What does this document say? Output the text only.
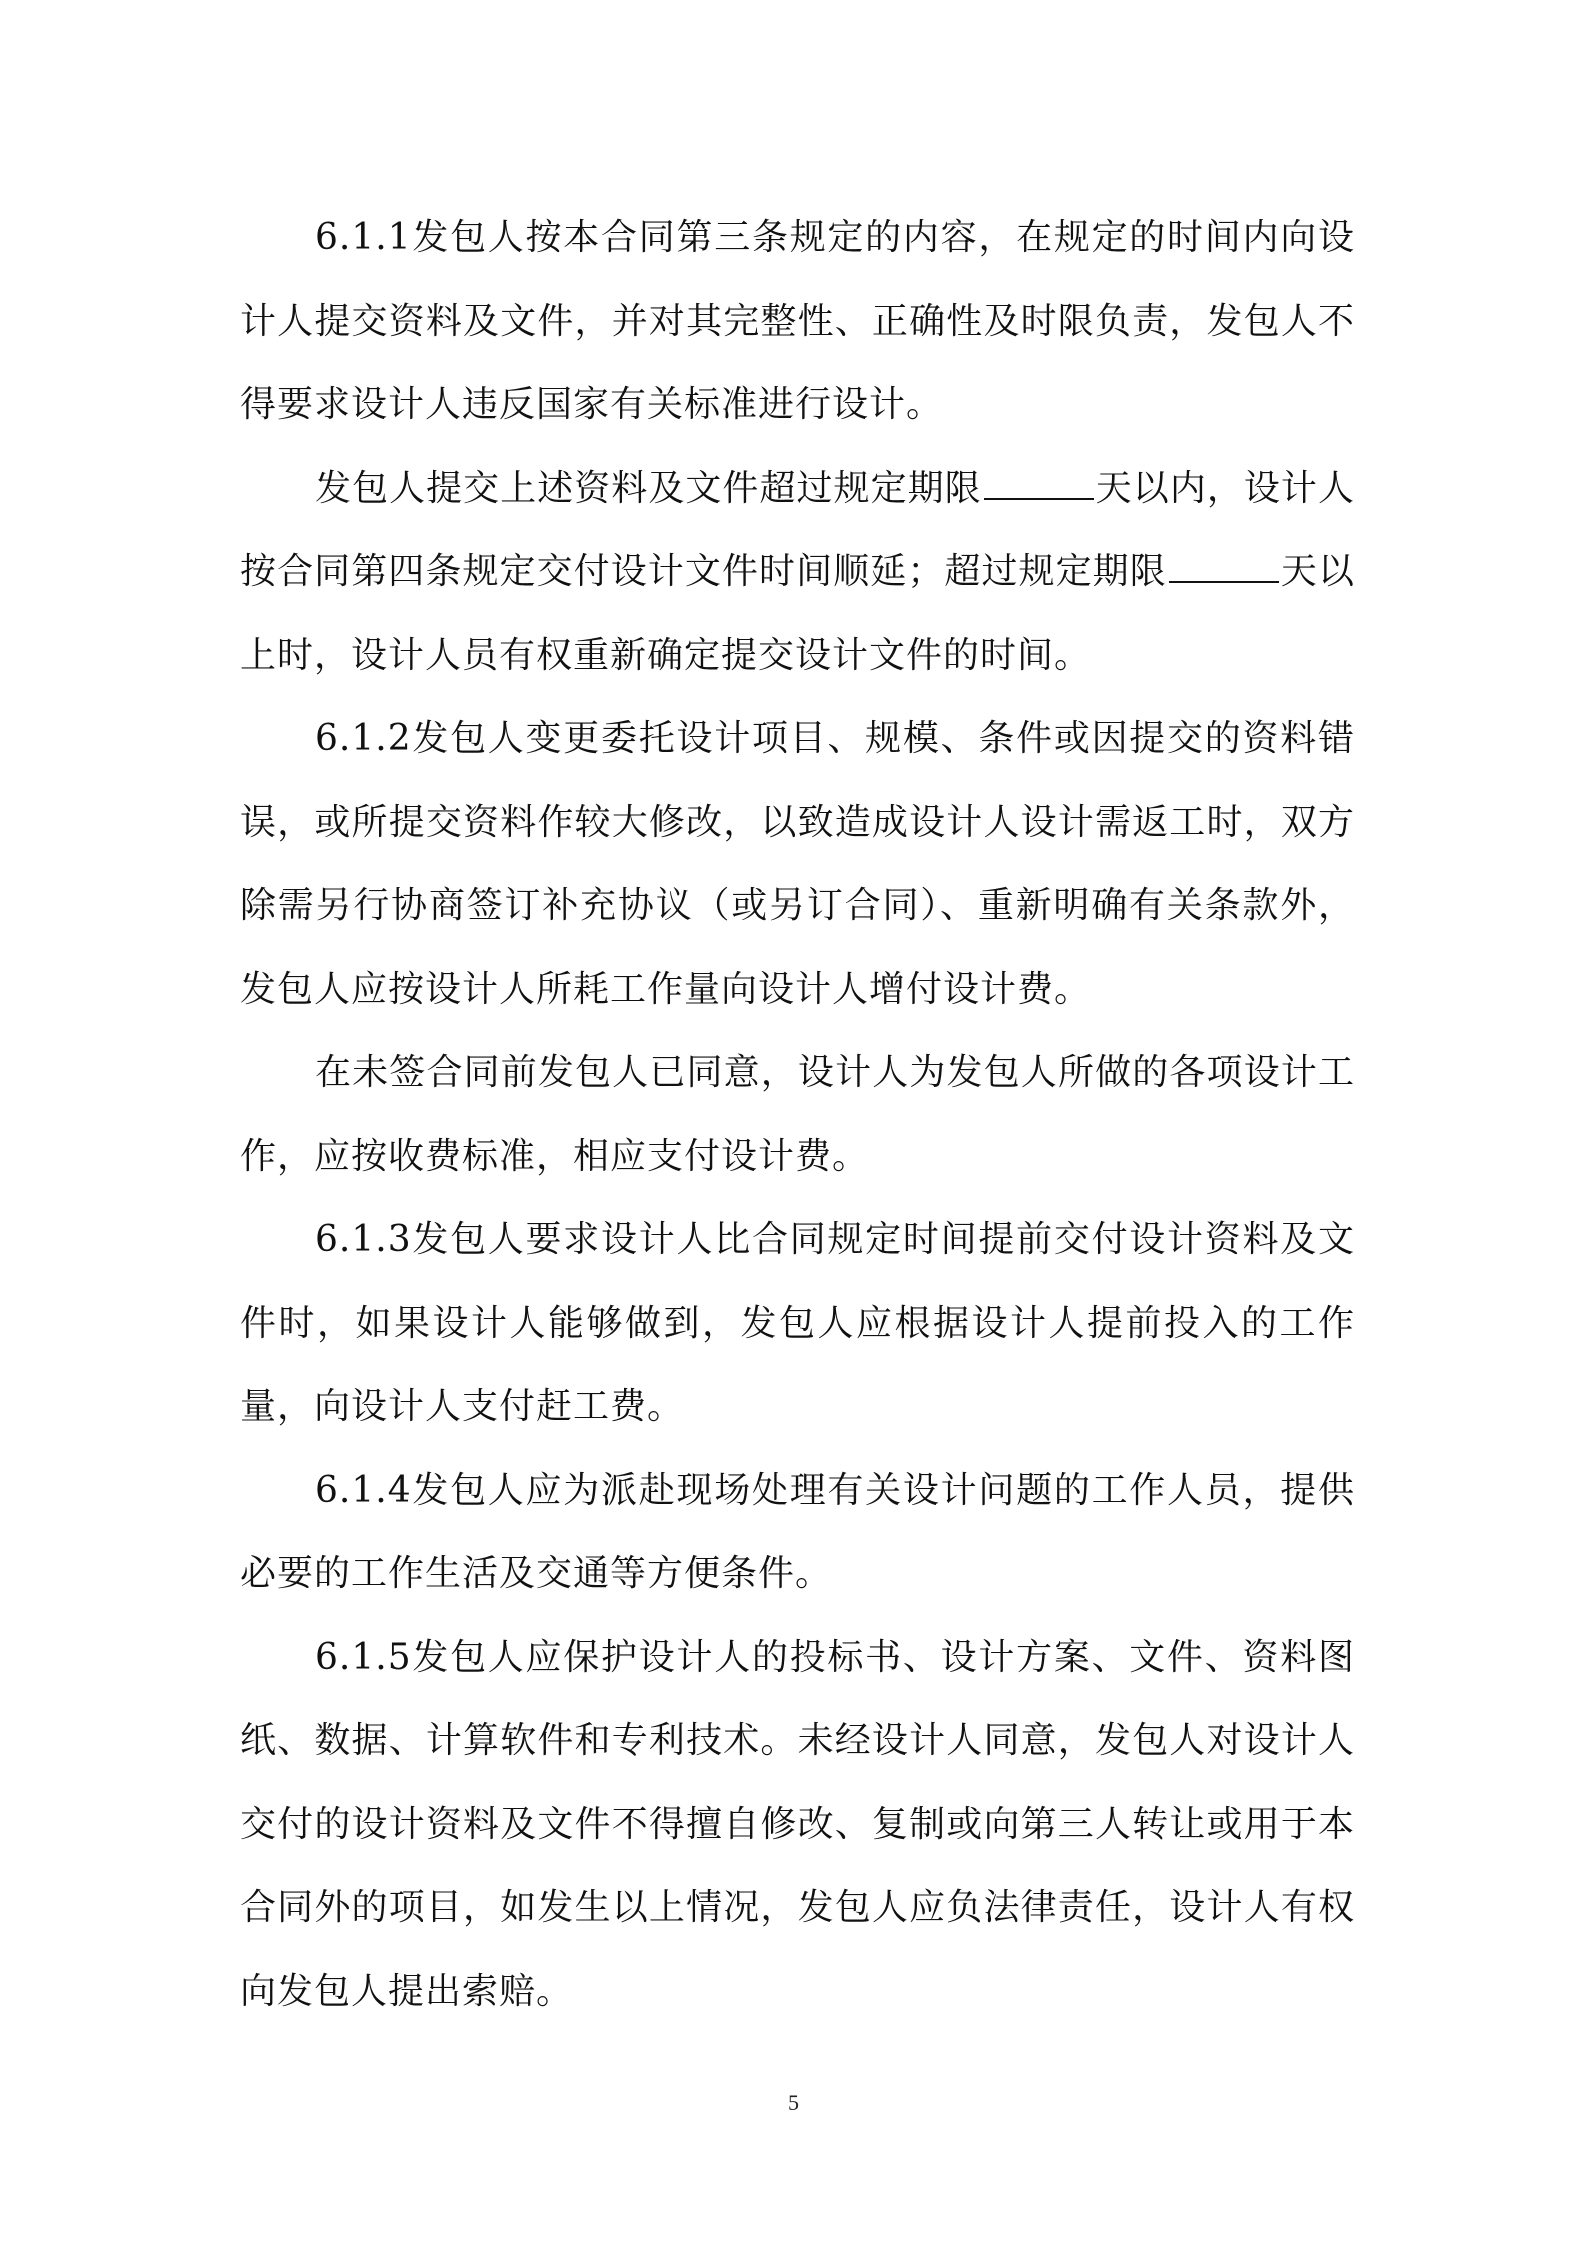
6.1.1发包人按本合同第三条规定的内容，在规定的时间内向设计人提交资料及文件，并对其完整性、正确性及时限负责，发包人不得要求设计人违反国家有关标准进行设计。

发包人提交上述资料及文件超过规定期限	天以内，设计人按合同第四条规定交付设计文件时间顺延；超过规定期限	天以上时，设计人员有权重新确定提交设计文件的时间。

6.1.2发包人变更委托设计项目、规模、条件或因提交的资料错误，或所提交资料作较大修改，以致造成设计人设计需返工时，双方除需另行协商签订补充协议（或另订合同）、重新明确有关条款外，发包人应按设计人所耗工作量向设计人增付设计费。

在未签合同前发包人已同意，设计人为发包人所做的各项设计工作，应按收费标准，相应支付设计费。

6.1.3发包人要求设计人比合同规定时间提前交付设计资料及文件时，如果设计人能够做到，发包人应根据设计人提前投入的工作量，向设计人支付赶工费。

6.1.4发包人应为派赴现场处理有关设计问题的工作人员，提供必要的工作生活及交通等方便条件。

6.1.5发包人应保护设计人的投标书、设计方案、文件、资料图纸、数据、计算软件和专利技术。未经设计人同意，发包人对设计人交付的设计资料及文件不得擅自修改、复制或向第三人转让或用于本合同外的项目，如发生以上情况，发包人应负法律责任，设计人有权向发包人提出索赔。

5
